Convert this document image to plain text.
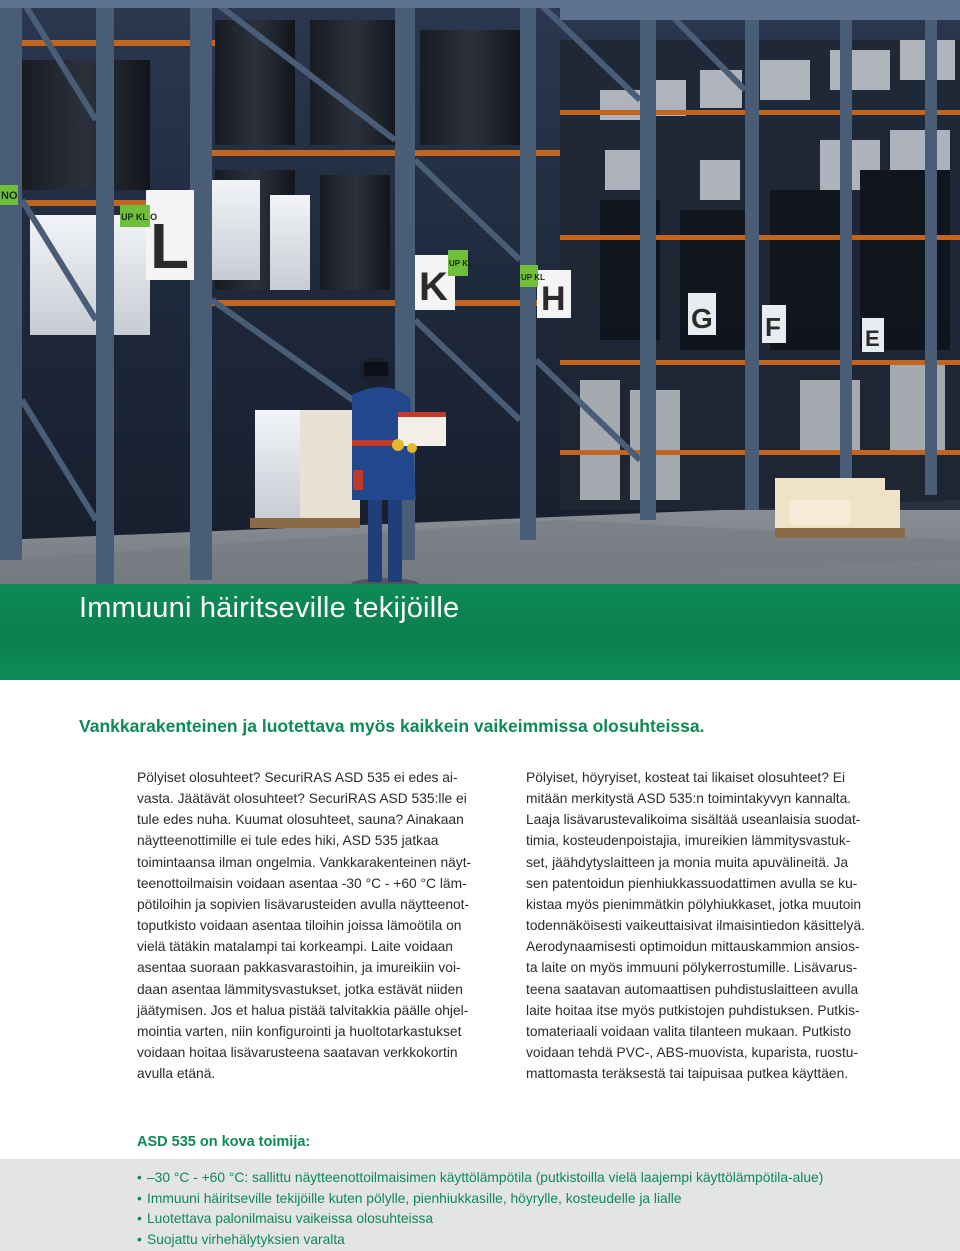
L
K	H
G F	E
NO
UP KL O
UP KL
UP KL
Immuuni häiritseville tekijöille
Vankkarakenteinen ja luotettava myös kaikkein vaikeimmissa olosuhteissa.
Pölyiset olosuhteet? SecuriRAS ASD 535 ei edes ai-
vasta. Jäätävät olosuhteet? SecuriRAS ASD 535:lle ei
tule edes nuha. Kuumat olosuhteet, sauna? Ainakaan
näytteenottimille ei tule edes hiki, ASD 535 jatkaa
toimintaansa ilman ongelmia. Vankkarakenteinen näyt-
teenottoilmaisin voidaan asentaa -30 °C - +60 °C läm-
pötiloihin ja sopivien lisävarusteiden avulla näytteenot-
toputkisto voidaan asentaa tiloihin joissa lämoötila on
vielä tätäkin matalampi tai korkeampi. Laite voidaan
asentaa suoraan pakkasvarastoihin, ja imureikiin voi-
daan asentaa lämmitysvastukset, jotka estävät niiden
jäätymisen. Jos et halua pistää talvitakkia päälle ohjel-
mointia varten, niin konfigurointi ja huoltotarkastukset
voidaan hoitaa lisävarusteena saatavan verkkokortin
avulla etänä.
Pölyiset, höyryiset, kosteat tai likaiset olosuhteet? Ei
mitään merkitystä ASD 535:n toimintakyvyn kannalta.
Laaja lisävarustevalikoima sisältää useanlaisia suodat-
timia, kosteudenpoistajia, imureikien lämmitysvastuk-
set, jäähdytyslaitteen ja monia muita apuvälineitä. Ja
sen patentoidun pienhiukkassuodattimen avulla se ku-
kistaa myös pienimmätkin pölyhiukkaset, jotka muutoin
todennäköisesti vaikeuttaisivat ilmaisintiedon käsittelyä.
Aerodynaamisesti optimoidun mittauskammion ansios-
ta laite on myös immuuni pölykerrostumille. Lisävarus-
teena saatavan automaattisen puhdistuslaitteen avulla
laite hoitaa itse myös putkistojen puhdistuksen. Putkis-
tomateriaali voidaan valita tilanteen mukaan. Putkisto
voidaan tehdä PVC-, ABS-muovista, kuparista, ruostu-
mattomasta teräksestä tai taipuisaa putkea käyttäen.
ASD 535 on kova toimija:
• –30 °C - +60 °C: sallittu näytteenottoilmaisimen käyttölämpötila (putkistoilla vielä laajempi käyttölämpötila-alue)
• Immuuni häiritseville tekijöille kuten pölylle, pienhiukkasille, höyrylle, kosteudelle ja lialle
• Luotettava palonilmaisu vaikeissa olosuhteissa
• Suojattu virhehälytyksien varalta
